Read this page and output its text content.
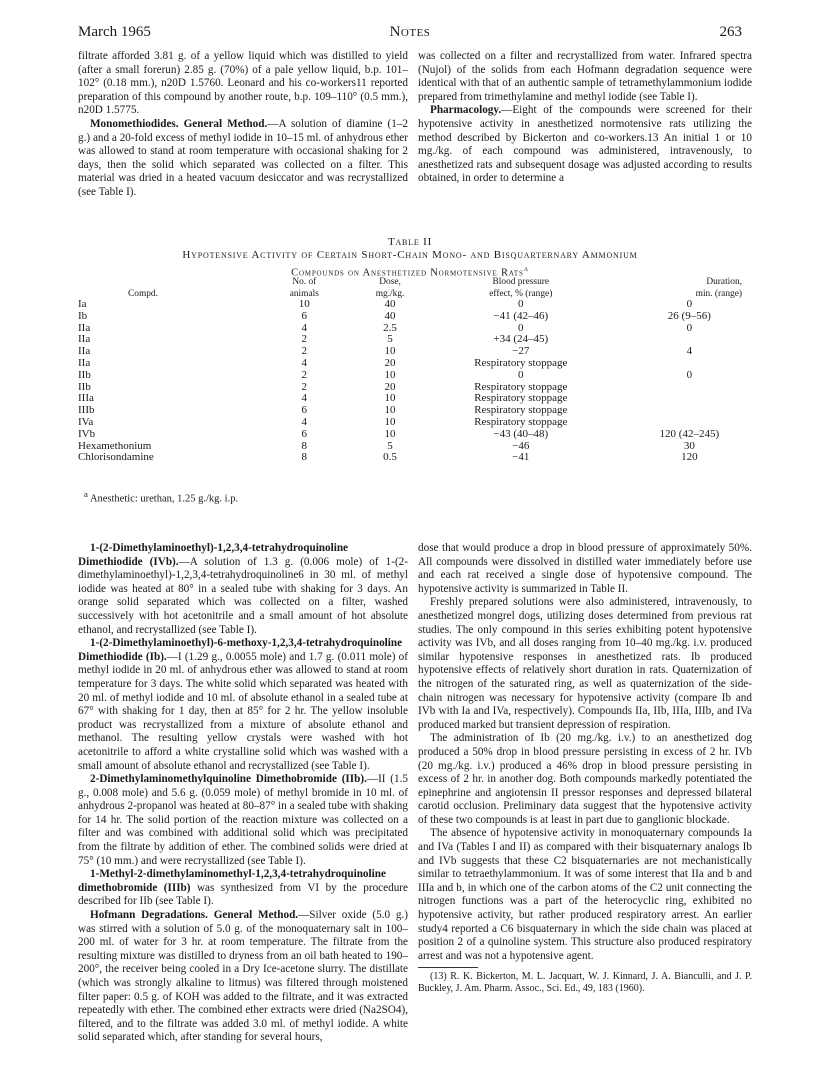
March 1965	Notes	263

filtrate afforded 3.81 g. of a yellow liquid which was distilled to yield (after a small forerun) 2.85 g. (70%) of a pale yellow liquid, b.p. 101–102° (0.18 mm.), n20D 1.5760. Leonard and his co-workers11 reported preparation of this compound by another route, b.p. 109–110° (0.5 mm.), n20D 1.5775.

Monomethiodides. General Method.—A solution of diamine (1–2 g.) and a 20-fold excess of methyl iodide in 10–15 ml. of anhydrous ether was allowed to stand at room temperature with occasional shaking for 2 days, then the solid which separated was collected on a filter. This material was dried in a heated vacuum desiccator and was recrystallized (see Table I).

was collected on a filter and recrystallized from water. Infrared spectra (Nujol) of the solids from each Hofmann degradation sequence were identical with that of an authentic sample of tetramethylammonium iodide prepared from trimethylamine and methyl iodide (see Table I).

Pharmacology.—Eight of the compounds were screened for their hypotensive activity in anesthetized normotensive rats utilizing the method described by Bickerton and co-workers.13 An initial 1 or 10 mg./kg. of each compound was administered, intravenously, to anesthetized rats and subsequent dosage was adjusted according to results obtained, in order to determine a

Table II
Hypotensive Activity of Certain Short-Chain Mono- and Bisquarternary Ammonium
Compounds on Anesthetized Normotensive Rats$^a$
	No. of	Dose,	Blood pressure	Duration,
Compd.	animals	mg./kg.	effect, % (range)	min. (range)
Ia	10	40	0	0
Ib	6	40	−41 (42–46)	26 (9–56)
IIa	4	2.5	0	0
IIa	2	5	+34 (24–45)	
IIa	2	10	−27	4
IIa	4	20	Respiratory stoppage	
IIb	2	10	0	0
IIb	2	20	Respiratory stoppage	
IIIa	4	10	Respiratory stoppage	
IIIb	6	10	Respiratory stoppage	
IVa	4	10	Respiratory stoppage	
IVb	6	10	−43 (40–48)	120 (42–245)
Hexamethonium	8	5	−46	30
Chlorisondamine	8	0.5	−41	120
$^a$ Anesthetic: urethan, 1.25 g./kg. i.p.

1-(2-Dimethylaminoethyl)-1,2,3,4-tetrahydroquinoline Dimethiodide (IVb).—A solution of 1.3 g. (0.006 mole) of 1-(2-dimethylaminoethyl)-1,2,3,4-tetrahydroquinoline6 in 30 ml. of methyl iodide was heated at 80° in a sealed tube with shaking for 3 days. An orange solid separated which was collected on a filter, washed successively with hot acetonitrile and a small amount of hot absolute ethanol, and recrystallized (see Table I).

1-(2-Dimethylaminoethyl)-6-methoxy-1,2,3,4-tetrahydroquinoline Dimethiodide (Ib).—I (1.29 g., 0.0055 mole) and 1.7 g. (0.011 mole) of methyl iodide in 20 ml. of anhydrous ether was allowed to stand at room temperature for 3 days. The white solid which separated was heated with 20 ml. of methyl iodide and 10 ml. of absolute ethanol in a sealed tube at 67° with shaking for 1 day, then at 85° for 2 hr. The yellow insoluble product was recrystallized from a mixture of absolute ethanol and methanol. The resulting yellow crystals were washed with hot acetonitrile to afford a white crystalline solid which was washed with a small amount of absolute ethanol and recrystallized (see Table I).

2-Dimethylaminomethylquinoline Dimethobromide (IIb).—II (1.5 g., 0.008 mole) and 5.6 g. (0.059 mole) of methyl bromide in 10 ml. of anhydrous 2-propanol was heated at 80–87° in a sealed tube with shaking for 14 hr. The solid portion of the reaction mixture was collected on a filter and was combined with additional solid which was precipitated from the filtrate by addition of ether. The combined solids were dried at 75° (10 mm.) and were recrystallized (see Table I).

1-Methyl-2-dimethylaminomethyl-1,2,3,4-tetrahydroquinoline dimethobromide (IIIb) was synthesized from VI by the procedure described for IIb (see Table I).

Hofmann Degradations. General Method.—Silver oxide (5.0 g.) was stirred with a solution of 5.0 g. of the monoquaternary salt in 100–200 ml. of water for 3 hr. at room temperature. The filtrate from the resulting mixture was distilled to dryness from an oil bath heated to 190–200°, the receiver being cooled in a Dry Ice-acetone slurry. The distillate (which was strongly alkaline to litmus) was filtered through moistened filter paper: 0.5 g. of KOH was added to the filtrate, and it was extracted repeatedly with ether. The combined ether extracts were dried (Na2SO4), filtered, and to the filtrate was added 3.0 ml. of methyl iodide. A white solid separated which, after standing for several hours,

dose that would produce a drop in blood pressure of approximately 50%. All compounds were dissolved in distilled water immediately before use and each rat received a single dose of hypotensive compound. The hypotensive activity is summarized in Table II.

Freshly prepared solutions were also administered, intravenously, to anesthetized mongrel dogs, utilizing doses determined from previous rat studies. The only compound in this series exhibiting potent hypotensive activity was IVb, and all doses ranging from 10–40 mg./kg. i.v. produced similar hypotensive responses in anesthetized rats. Ib produced hypotensive effects of relatively short duration in rats. Quaternization of the nitrogen of the saturated ring, as well as quaternization of the side-chain nitrogen was necessary for hypotensive activity (compare Ib and IVb with Ia and IVa, respectively). Compounds IIa, IIb, IIIa, IIIb, and IVa produced marked but transient depression of respiration.

The administration of Ib (20 mg./kg. i.v.) to an anesthetized dog produced a 50% drop in blood pressure persisting in excess of 2 hr. IVb (20 mg./kg. i.v.) produced a 46% drop in blood pressure persisting in excess of 2 hr. in another dog. Both compounds markedly potentiated the epinephrine and angiotensin II pressor responses and depressed bilateral carotid occlusion. Preliminary data suggest that the hypotensive activity of these two compounds is at least in part due to ganglionic blockade.

The absence of hypotensive activity in monoquaternary compounds Ia and IVa (Tables I and II) as compared with their bisquaternary analogs Ib and IVb suggests that these C2 bisquaternaries are not mechanistically similar to tetraethylammonium. It was of some interest that IIa and b and IIIa and b, in which one of the carbon atoms of the C2 unit connecting the nitrogen functions was a part of the heterocyclic ring, exhibited no hypotensive activity, but rather produced respiratory arrest. An earlier study4 reported a C6 bisquaternary in which the side chain was placed at position 2 of a quinoline system. This structure also produced respiratory arrest and was not a hypotensive agent.

(13) R. K. Bickerton, M. L. Jacquart, W. J. Kinnard, J. A. Bianculli, and J. P. Buckley, J. Am. Pharm. Assoc., Sci. Ed., 49, 183 (1960).
